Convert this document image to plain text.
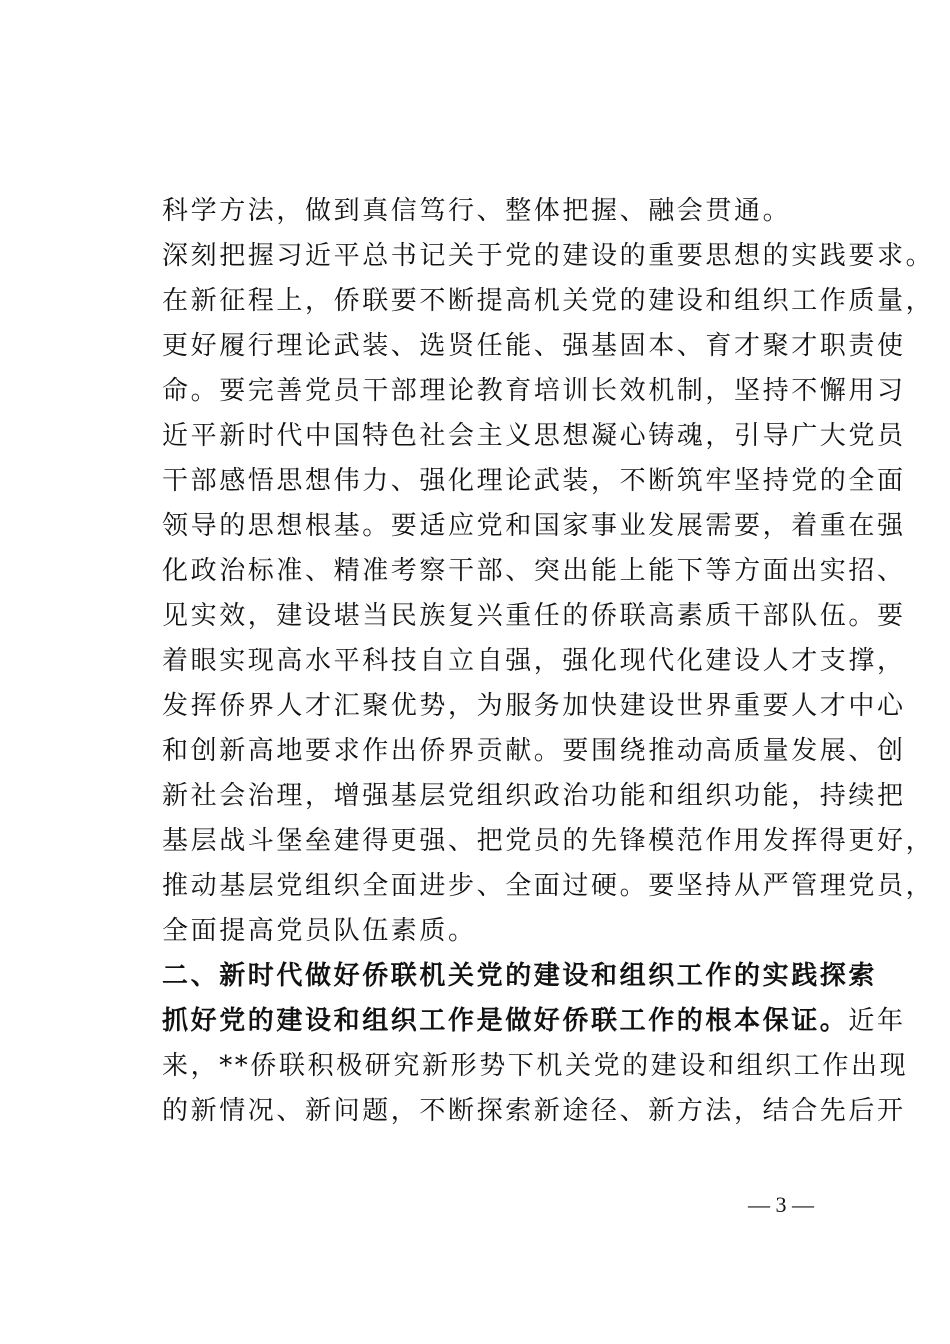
科学方法，做到真信笃行、整体把握、融会贯通。
深刻把握习近平总书记关于党的建设的重要思想的实践要求。
在新征程上，侨联要不断提高机关党的建设和组织工作质量，
更好履行理论武装、选贤任能、强基固本、育才聚才职责使
命。要完善党员干部理论教育培训长效机制，坚持不懈用习
近平新时代中国特色社会主义思想凝心铸魂，引导广大党员
干部感悟思想伟力、强化理论武装，不断筑牢坚持党的全面
领导的思想根基。要适应党和国家事业发展需要，着重在强
化政治标准、精准考察干部、突出能上能下等方面出实招、
见实效，建设堪当民族复兴重任的侨联高素质干部队伍。要
着眼实现高水平科技自立自强，强化现代化建设人才支撑，
发挥侨界人才汇聚优势，为服务加快建设世界重要人才中心
和创新高地要求作出侨界贡献。要围绕推动高质量发展、创
新社会治理，增强基层党组织政治功能和组织功能，持续把
基层战斗堡垒建得更强、把党员的先锋模范作用发挥得更好，
推动基层党组织全面进步、全面过硬。要坚持从严管理党员，
全面提高党员队伍素质。
二、新时代做好侨联机关党的建设和组织工作的实践探索
抓好党的建设和组织工作是做好侨联工作的根本保证。近年
来，**侨联积极研究新形势下机关党的建设和组织工作出现
的新情况、新问题，不断探索新途径、新方法，结合先后开
— 3 —
